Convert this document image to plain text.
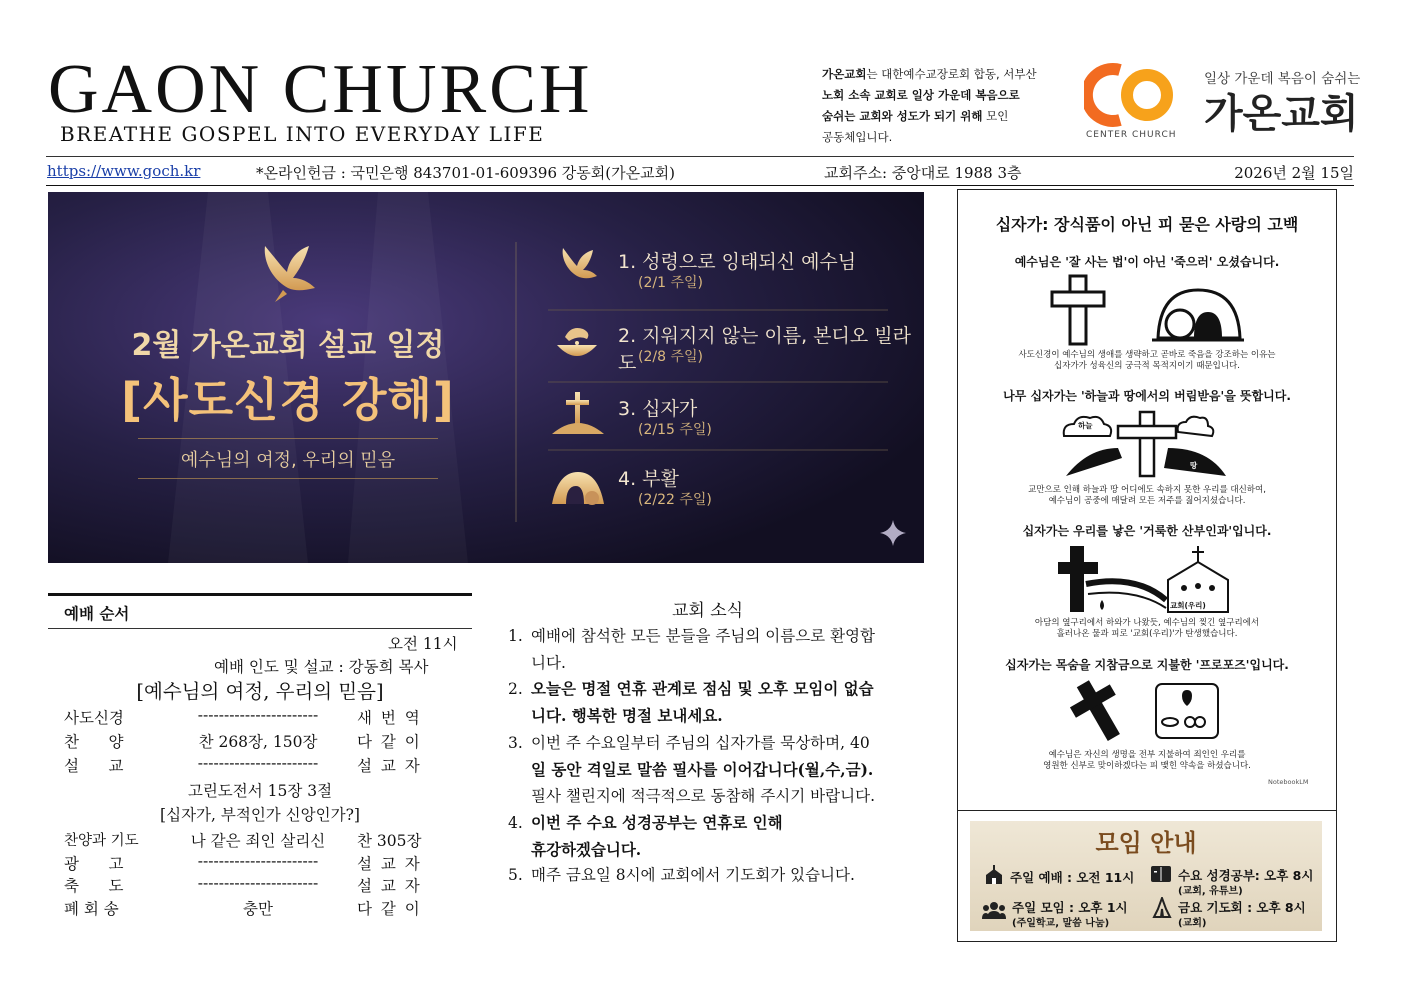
GAON CHURCH
BREATHE GOSPEL INTO EVERYDAY LIFE
가온교회는 대한예수교장로회 합동, 서부산
노회 소속 교회로 일상 가운데 복음으로
숨쉬는 교회와 성도가 되기 위해 모인
공동체입니다.	CENTER CHURCH
일상 가운데 복음이 숨쉬는
가온교회
https://www.goch.kr	*온라인헌금 : 국민은행 843701-01-609396 강동회(가온교회)	교회주소: 중앙대로 1988 3층	2026년 2월 15일
2월 가온교회 설교 일정
[사도신경 강해]
예수님의 여정, 우리의 믿음
1. 성령으로 잉태되신 예수님
(2/1 주일)
2. 지워지지 않는 이름, 본디오 빌라도 (2/8 주일)
3. 십자가
(2/15 주일)
4. 부활
(2/22 주일)
예배 순서
오전 11시
예배 인도 및 설교 : 강동희 목사
[예수님의 여정, 우리의 믿음]
사도신경	-----------------------	새 번 역
찬      양	찬 268장, 150장	다 같 이
설      교	-----------------------	설 교 자
고린도전서 15장 3절
[십자가, 부적인가 신앙인가?]
찬양과 기도	나 같은 죄인 살리신	찬 305장
광      고	-----------------------	설 교 자
축      도	-----------------------	설 교 자
폐 회 송	충만	다 같 이
교회 소식
1. 예배에 참석한 모든 분들을 주님의 이름으로 환영합
니다.
2. 오늘은 명절 연휴 관계로 점심 및 오후 모임이 없습
니다. 행복한 명절 보내세요.
3. 이번 주 수요일부터 주님의 십자가를 묵상하며, 40
일 동안 격일로 말씀 필사를 이어갑니다(월,수,금).
필사 챌린지에 적극적으로 동참해 주시기 바랍니다.
4. 이번 주 수요 성경공부는 연휴로 인해
휴강하겠습니다.
5. 매주 금요일 8시에 교회에서 기도회가 있습니다.
십자가: 장식품이 아닌 피 묻은 사랑의 고백
예수님은 '잘 사는 법'이 아닌 '죽으러' 오셨습니다.
사도신경이 예수님의 생애를 생략하고 곧바로 죽음을 강조하는 이유는
십자가가 성육신의 궁극적 목적지이기 때문입니다.
나무 십자가는 '하늘과 땅에서의 버림받음'을 뜻합니다.
하늘
땅
교만으로 인해 하늘과 땅 어디에도 속하지 못한 우리를 대신하여,
예수님이 공중에 매달려 모든 저주를 짊어지셨습니다.
십자가는 우리를 낳은 '거룩한 산부인과'입니다.
교회(우리)
아담의 옆구리에서 하와가 나왔듯, 예수님의 찢긴 옆구리에서
흘러나온 물과 피로 '교회(우리)'가 탄생했습니다.
십자가는 목숨을 지참금으로 지불한 '프로포즈'입니다.
예수님은 자신의 생명을 전부 지불하여 죄인인 우리를
영원한 신부로 맞이하겠다는 피 맺힌 약속을 하셨습니다.
NotebookLM
모임 안내
주일 예배 : 오전 11시	수요 성경공부: 오후 8시
(교회, 유튜브)
주일 모임 : 오후 1시
(주일학교, 말씀 나눔)
금요 기도회 : 오후 8시
(교회)
